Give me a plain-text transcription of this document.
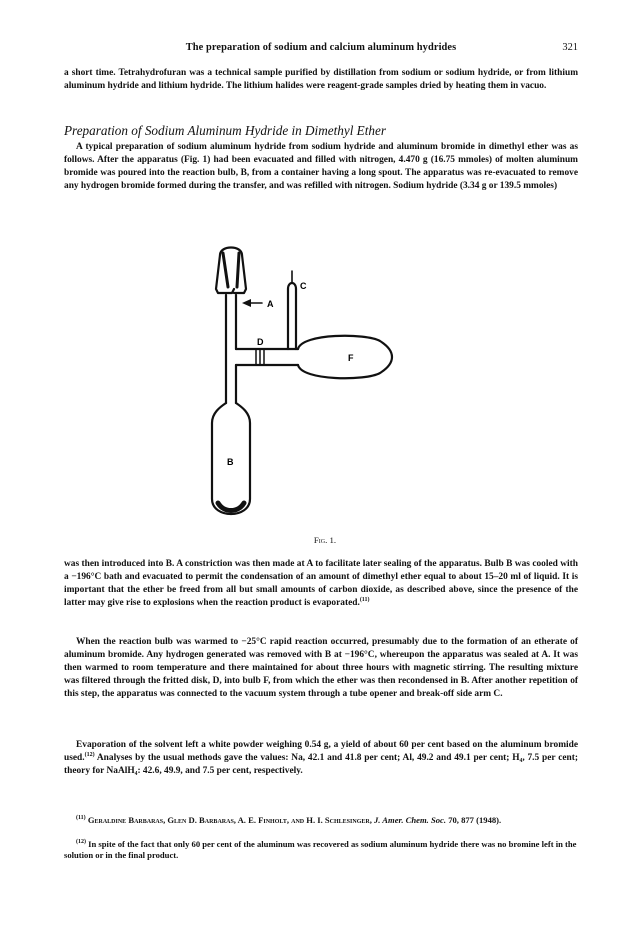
The preparation of sodium and calcium aluminum hydrides	321

a short time. Tetrahydrofuran was a technical sample purified by distillation from sodium or sodium hydride, or from lithium aluminum hydride and lithium hydride. The lithium halides were reagent-grade samples dried by heating them in vacuo.

Preparation of Sodium Aluminum Hydride in Dimethyl Ether

A typical preparation of sodium aluminum hydride from sodium hydride and aluminum bromide in dimethyl ether was as follows. After the apparatus (Fig. 1) had been evacuated and filled with nitrogen, 4.470 g (16.75 mmoles) of molten aluminum bromide was poured into the reaction bulb, B, from a container having a long spout. The apparatus was re-evacuated to remove any hydrogen bromide formed during the transfer, and was refilled with nitrogen. Sodium hydride (3.34 g or 139.5 mmoles)

A
C
D
F
B
Fig. 1.

was then introduced into B. A constriction was then made at A to facilitate later sealing of the apparatus. Bulb B was cooled with a −196°C bath and evacuated to permit the condensation of an amount of dimethyl ether equal to about 15–20 ml of liquid. It is important that the ether be freed from all but small amounts of carbon dioxide, as described above, since the presence of the latter may give rise to explosions when the reaction product is evaporated.$^{(11)}$

When the reaction bulb was warmed to −25°C rapid reaction occurred, presumably due to the formation of an etherate of aluminum bromide. Any hydrogen generated was removed with B at −196°C, whereupon the apparatus was sealed at A. It was then warmed to room temperature and there maintained for about three hours with magnetic stirring. The resulting mixture was filtered through the fritted disk, D, into bulb F, from which the ether was then recondensed in B. After another repetition of this step, the apparatus was connected to the vacuum system through a tube opener and break-off side arm C.

Evaporation of the solvent left a white powder weighing 0.54 g, a yield of about 60 per cent based on the aluminum bromide used.$^{(12)}$ Analyses by the usual methods gave the values: Na, 42.1 and 41.8 per cent; Al, 49.2 and 49.1 per cent; H₄, 7.5 per cent; theory for NaAlH₄: 42.6, 49.9, and 7.5 per cent, respectively.

$^{(11)}$ Geraldine Barbaras, Glen D. Barbaras, A. E. Finholt, and H. I. Schlesinger, J. Amer. Chem. Soc. 70, 877 (1948).

$^{(12)}$ In spite of the fact that only 60 per cent of the aluminum was recovered as sodium aluminum hydride there was no bromine left in the solution or in the final product.
